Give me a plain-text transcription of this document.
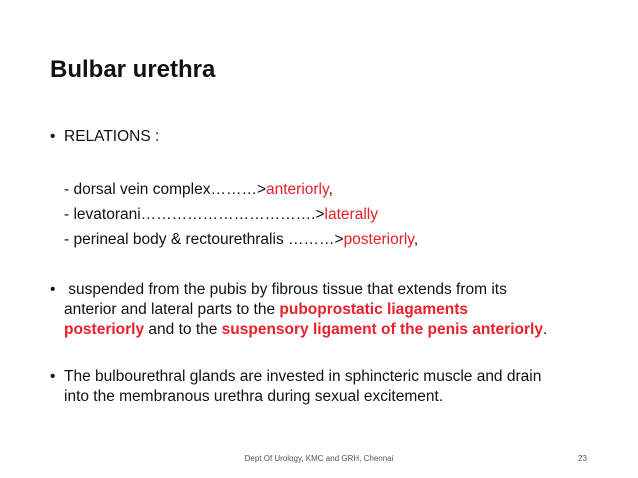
Bulbar urethra
• RELATIONS :
- dorsal vein complex………>anteriorly,
- levatorani…………………………….>laterally
- perineal body & rectourethralis ………>posteriorly,
• suspended from the pubis by fibrous tissue that extends from its
anterior and lateral parts to the puboprostatic liagaments
posteriorly and to the suspensory ligament of the penis anteriorly.
• The bulbourethral glands are invested in sphincteric muscle and drain
into the membranous urethra during sexual excitement.
Dept Of Urology, KMC and GRH, Chennai	23
